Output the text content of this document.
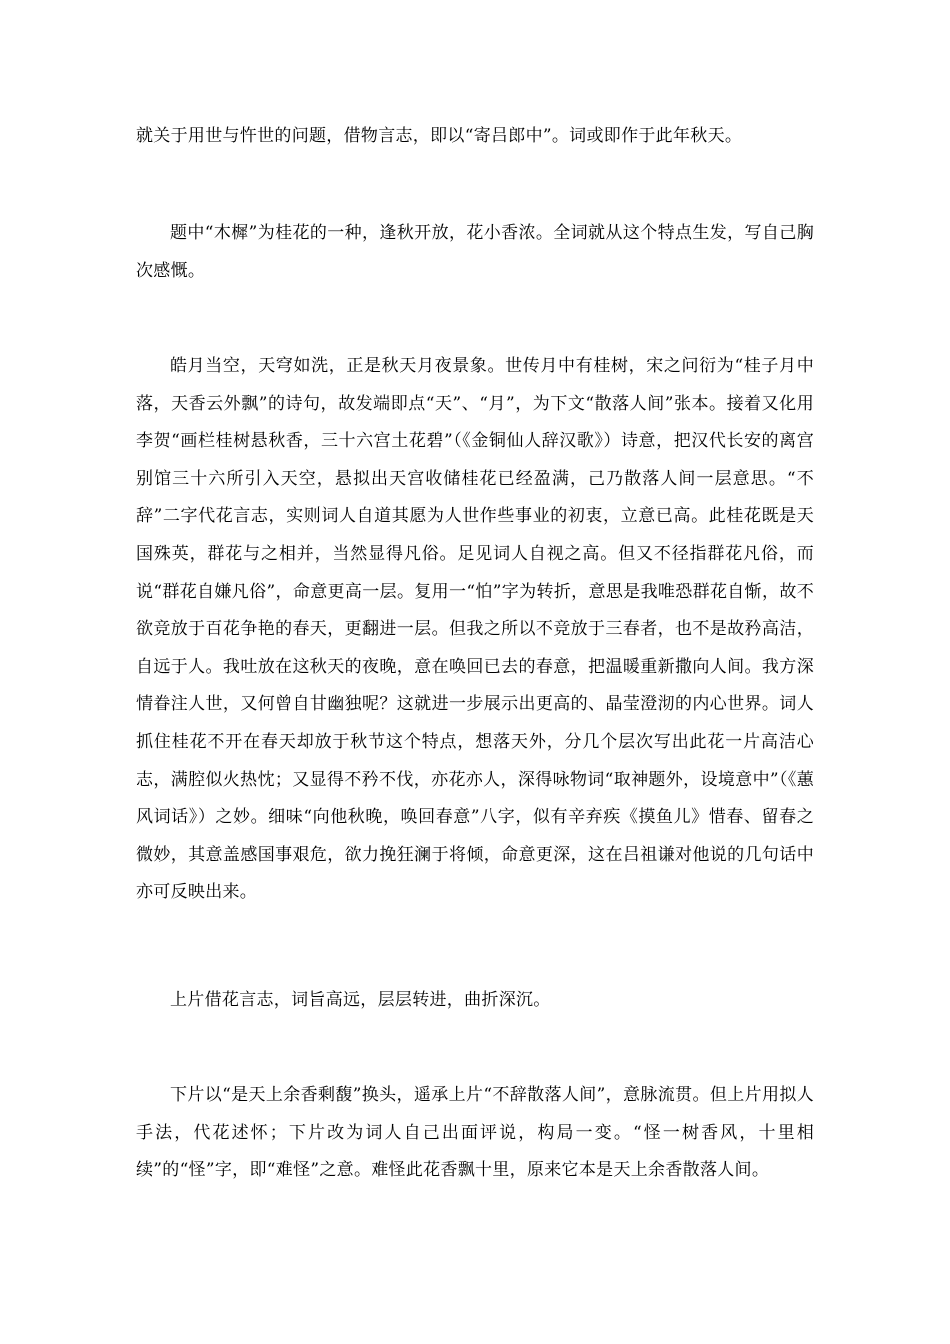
就关于用世与忤世的问题，借物言志，即以“寄吕郎中”。词或即作于此年秋天。

题中“木樨”为桂花的一种，逢秋开放，花小香浓。全词就从这个特点生发，写自己胸次感慨。

皓月当空，天穹如洗，正是秋天月夜景象。世传月中有桂树，宋之问衍为“桂子月中落，天香云外飘”的诗句，故发端即点“天”、“月”，为下文“散落人间”张本。接着又化用李贺“画栏桂树悬秋香，三十六宫土花碧”（《金铜仙人辞汉歌》）诗意，把汉代长安的离宫别馆三十六所引入天空，悬拟出天宫收储桂花已经盈满，己乃散落人间一层意思。“不辞”二字代花言志，实则词人自道其愿为人世作些事业的初衷，立意已高。此桂花既是天国殊英，群花与之相并，当然显得凡俗。足见词人自视之高。但又不径指群花凡俗，而说“群花自嫌凡俗”，命意更高一层。复用一“怕”字为转折，意思是我唯恐群花自惭，故不欲竞放于百花争艳的春天，更翻进一层。但我之所以不竞放于三春者，也不是故矜高洁，自远于人。我吐放在这秋天的夜晚，意在唤回已去的春意，把温暖重新撒向人间。我方深情眷注人世，又何曾自甘幽独呢？这就进一步展示出更高的、晶莹澄沏的内心世界。词人抓住桂花不开在春天却放于秋节这个特点，想落天外，分几个层次写出此花一片高洁心志，满腔似火热忱；又显得不矜不伐，亦花亦人，深得咏物词“取神题外，设境意中”（《蕙风词话》）之妙。细味“向他秋晚，唤回春意”八字，似有辛弃疾《摸鱼儿》惜春、留春之微妙，其意盖感国事艰危，欲力挽狂澜于将倾，命意更深，这在吕祖谦对他说的几句话中亦可反映出来。

上片借花言志，词旨高远，层层转进，曲折深沉。

下片以“是天上余香剩馥”换头，遥承上片“不辞散落人间”，意脉流贯。但上片用拟人手法，代花述怀；下片改为词人自己出面评说，构局一变。“怪一树香风，十里相续”的“怪”字，即“难怪”之意。难怪此花香飘十里，原来它本是天上余香散落人间。
